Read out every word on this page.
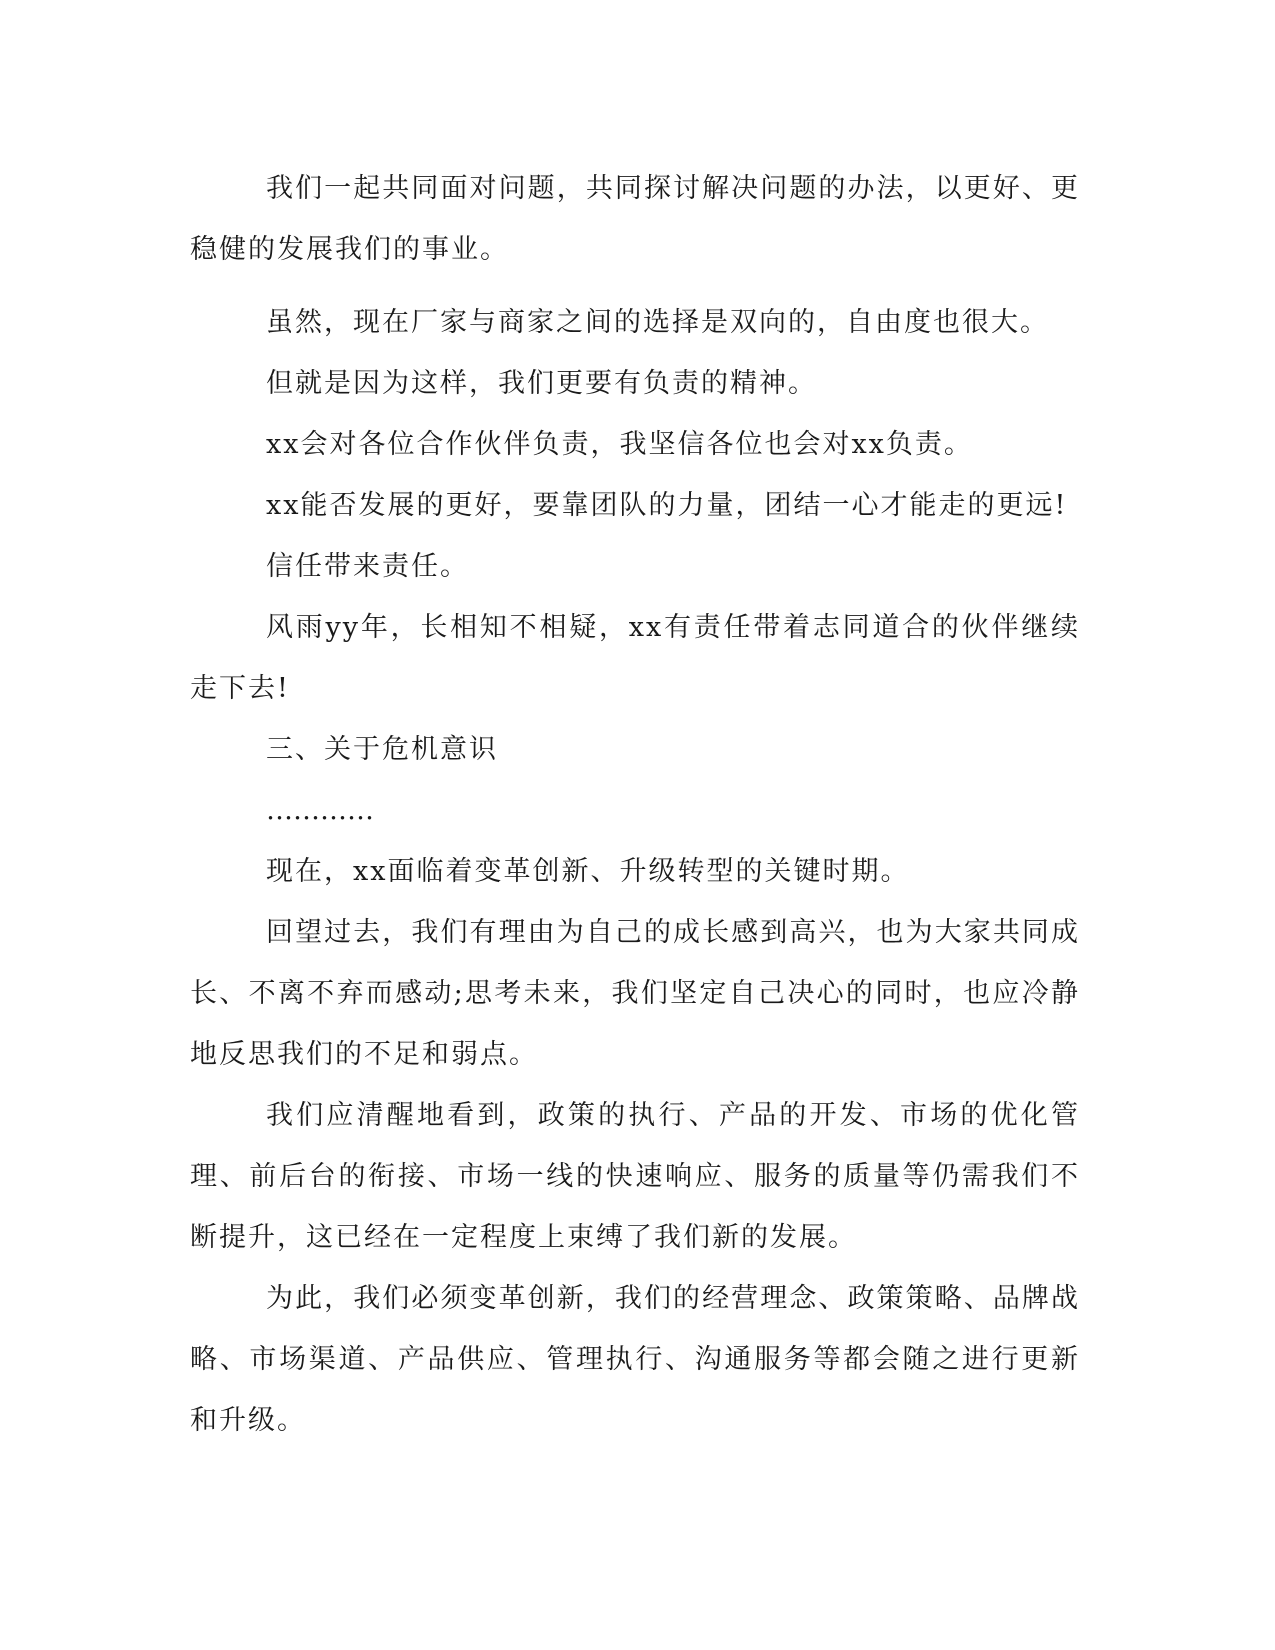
我们一起共同面对问题，共同探讨解决问题的办法，以更好、更稳健的发展我们的事业。

虽然，现在厂家与商家之间的选择是双向的，自由度也很大。

但就是因为这样，我们更要有负责的精神。

xx会对各位合作伙伴负责，我坚信各位也会对xx负责。

xx能否发展的更好，要靠团队的力量，团结一心才能走的更远!

信任带来责任。

风雨yy年，长相知不相疑，xx有责任带着志同道合的伙伴继续走下去!

三、关于危机意识

…………

现在，xx面临着变革创新、升级转型的关键时期。

回望过去，我们有理由为自己的成长感到高兴，也为大家共同成长、不离不弃而感动;思考未来，我们坚定自己决心的同时，也应冷静地反思我们的不足和弱点。

我们应清醒地看到，政策的执行、产品的开发、市场的优化管理、前后台的衔接、市场一线的快速响应、服务的质量等仍需我们不断提升，这已经在一定程度上束缚了我们新的发展。

为此，我们必须变革创新，我们的经营理念、政策策略、品牌战略、市场渠道、产品供应、管理执行、沟通服务等都会随之进行更新和升级。
